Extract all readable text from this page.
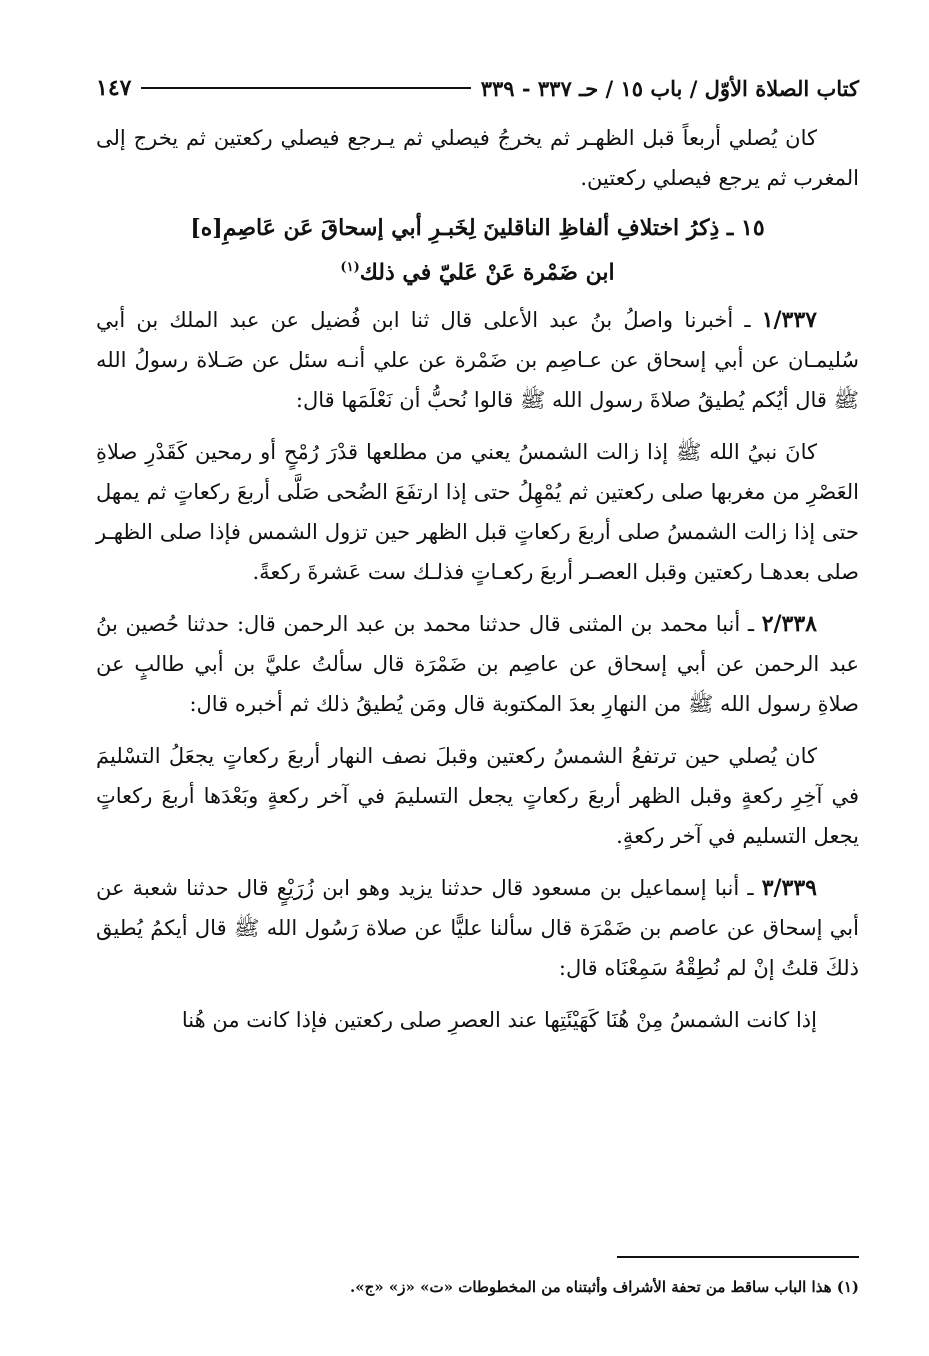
كتاب الصلاة الأوّل / باب ١٥ / حـ ٣٣٧ - ٣٣٩
١٤٧

كان يُصلي أربعاً قبل الظهـر ثم يخرجُ فيصلي ثم يـرجع فيصلي ركعتين ثم يخرج إلى المغرب ثم يرجع فيصلي ركعتين.

١٥ ـ ذِكرُ اختلافِ ألفاظِ الناقلينَ لِخَبـرِ أبي إسحاقَ عَن عَاصِمِ[ه]
ابن ضَمْرة عَنْ عَليّ في ذلك$^{(١)}$

١/٣٣٧ ـ أخبرنا واصلُ بنُ عبد الأعلى قال ثنا ابن فُضيل عن عبد الملك بن أبي سُليمـان عن أبي إسحاق عن عـاصِم بن ضَمْرة عن علي أنـه سئل عن صَـلاة رسولُ الله ﷺ قال أيُكم يُطيقُ صلاةَ رسول الله ﷺ قالوا نُحبُّ أن نَعْلَمَها قال:

كانَ نبيُ الله ﷺ إذا زالت الشمسُ يعني من مطلعها قدْرَ رُمْحٍ أو رمحين كَقَدْرِ صلاةِ العَصْرِ من مغربها صلى ركعتين ثم يُمْهِلُ حتى إذا ارتفَعَ الضُحى صَلَّى أربعَ ركعاتٍ ثم يمهل حتى إذا زالت الشمسُ صلى أربعَ ركعاتٍ قبل الظهر حين تزول الشمس فإذا صلى الظهـر صلى بعدهـا ركعتين وقبل العصـر أربعَ ركعـاتٍ فذلـك ست عَشرةَ ركعةً.

٢/٣٣٨ ـ أنبا محمد بن المثنى قال حدثنا محمد بن عبد الرحمن قال: حدثنا حُصين بنُ عبد الرحمن عن أبي إسحاق عن عاصِم بن ضَمْرَة قال سألتُ عليَّ بن أبي طالبٍ عن صلاةِ رسول الله ﷺ من النهارِ بعدَ المكتوبة قال ومَن يُطيقُ ذلك ثم أخبره قال:

كان يُصلي حين ترتفعُ الشمسُ ركعتين وقبلَ نصف النهار أربعَ ركعاتٍ يجعَلُ التسْليمَ في آخِرِ ركعةٍ وقبل الظهر أربعَ ركعاتٍ يجعل التسليمَ في آخر ركعةٍ وبَعْدَها أربعَ ركعاتٍ يجعل التسليم في آخر ركعةٍ.

٣/٣٣٩ ـ أنبا إسماعيل بن مسعود قال حدثنا يزيد وهو ابن زُرَيْعٍ قال حدثنا شعبة عن أبي إسحاق عن عاصم بن ضَمْرَة قال سألنا عليًّا عن صلاة رَسُول الله ﷺ قال أيكمُ يُطيق ذلكَ قلتُ إنْ لم نُطِقْهُ سَمِعْنَاه قال:

إذا كانت الشمسُ مِنْ هُنَا كَهَيْئَتِها عند العصرِ صلى ركعتين فإذا كانت من هُنا

(١) هذا الباب ساقط من تحفة الأشراف وأثبتناه من المخطوطات «ت» «ز» «ج».
